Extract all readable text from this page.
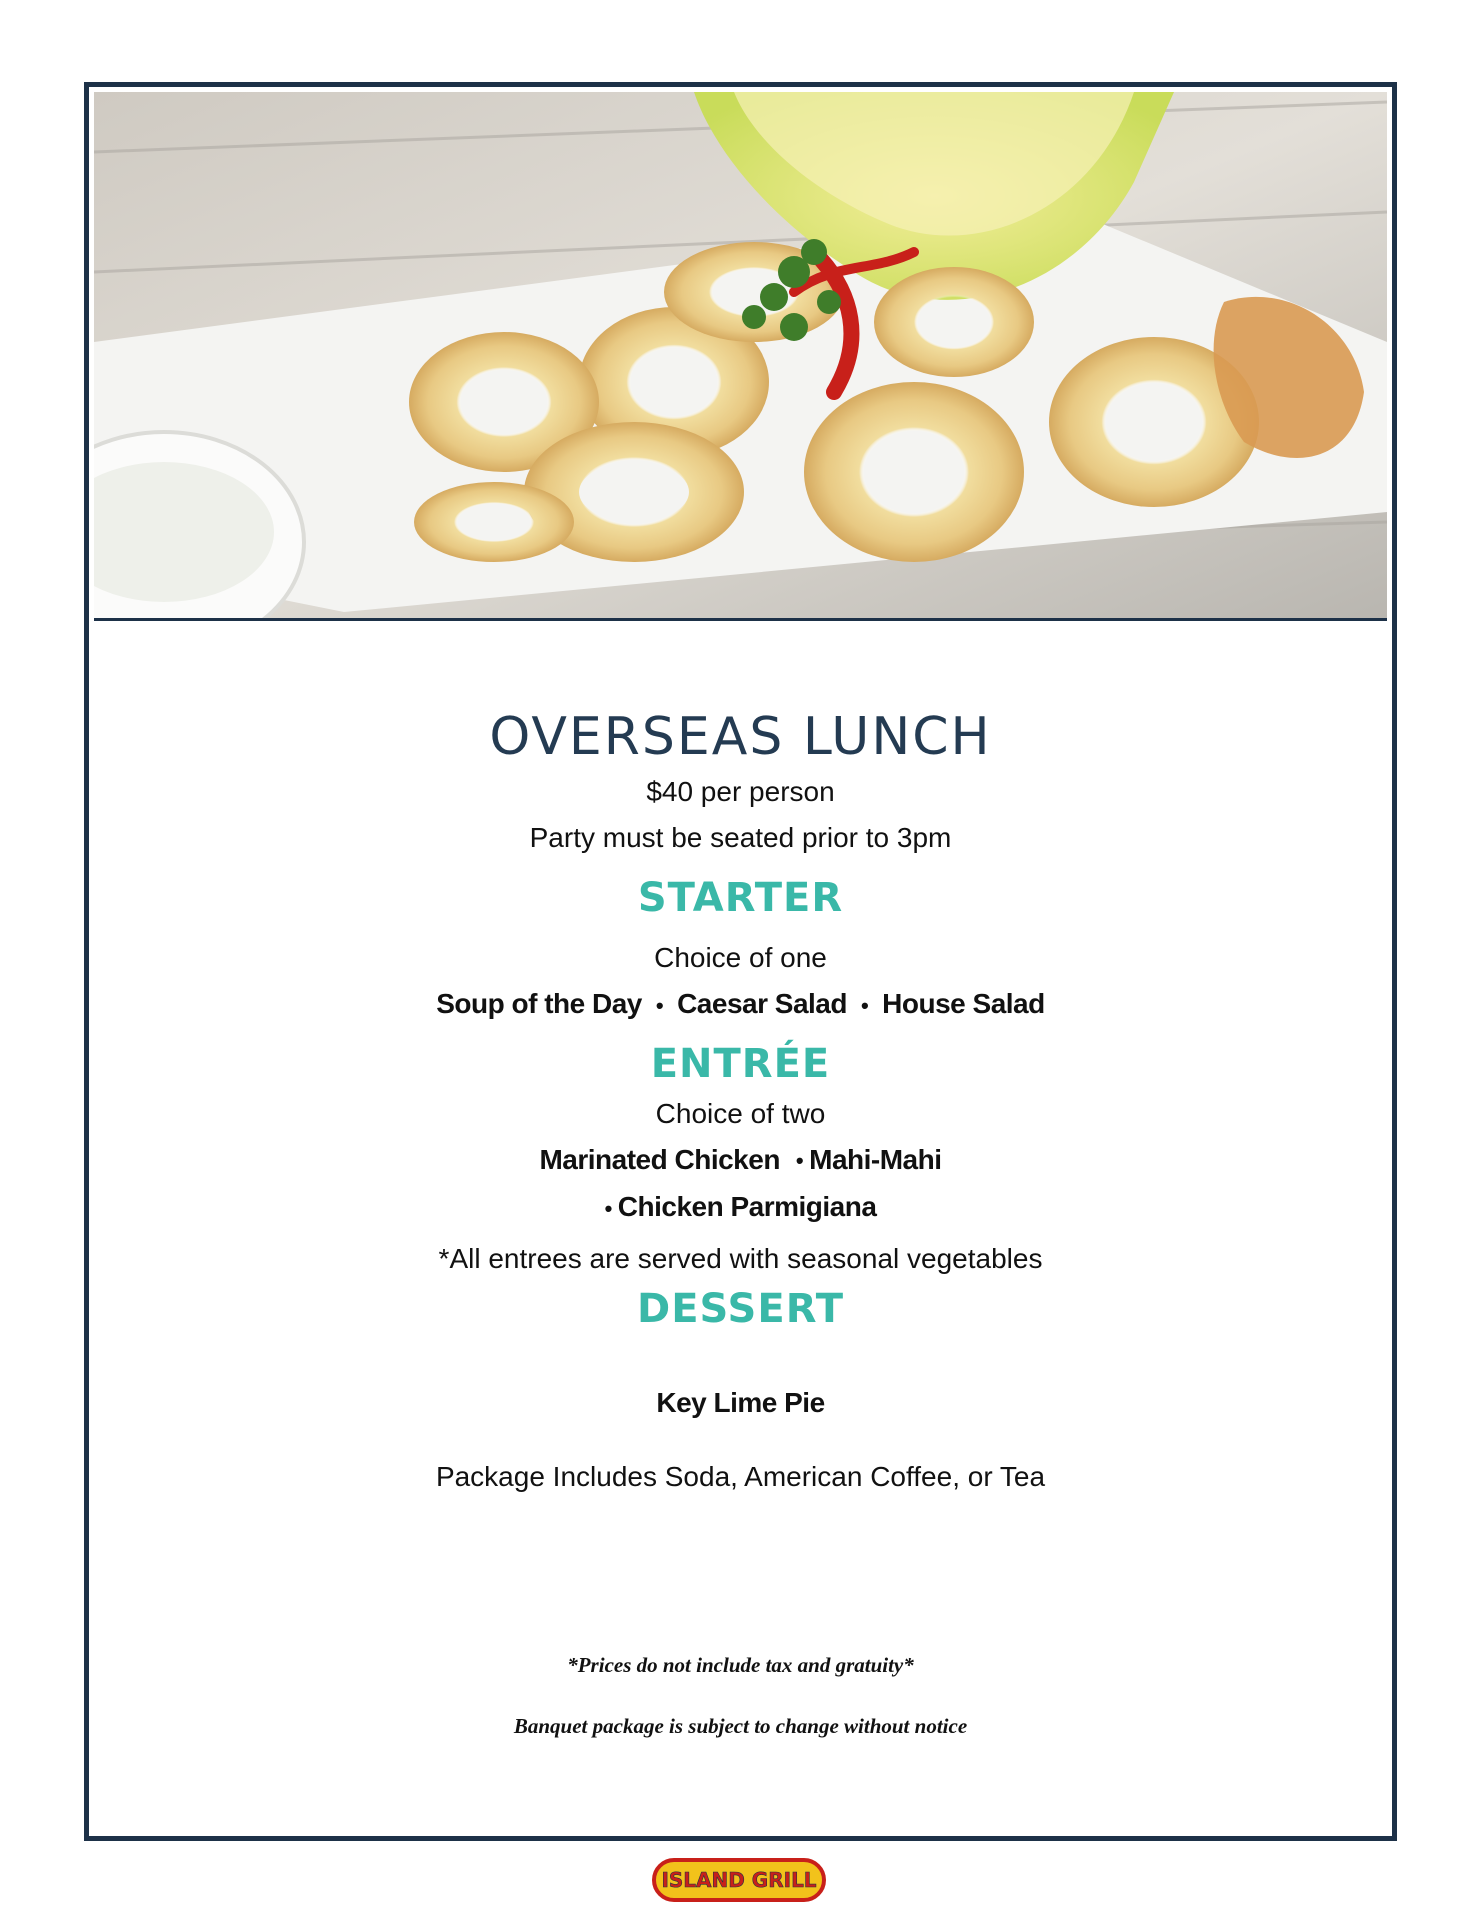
OVERSEAS LUNCH

$40 per person

Party must be seated prior to 3pm

STARTER

Choice of one

Soup of the Day • Caesar Salad • House Salad

ENTRÉE

Choice of two

Marinated Chicken • Mahi-Mahi

• Chicken Parmigiana

*All entrees are served with seasonal vegetables

DESSERT

Key Lime Pie

Package Includes Soda, American Coffee, or Tea

*Prices do not include tax and gratuity*

Banquet package is subject to change without notice

ISLAND GRILL
